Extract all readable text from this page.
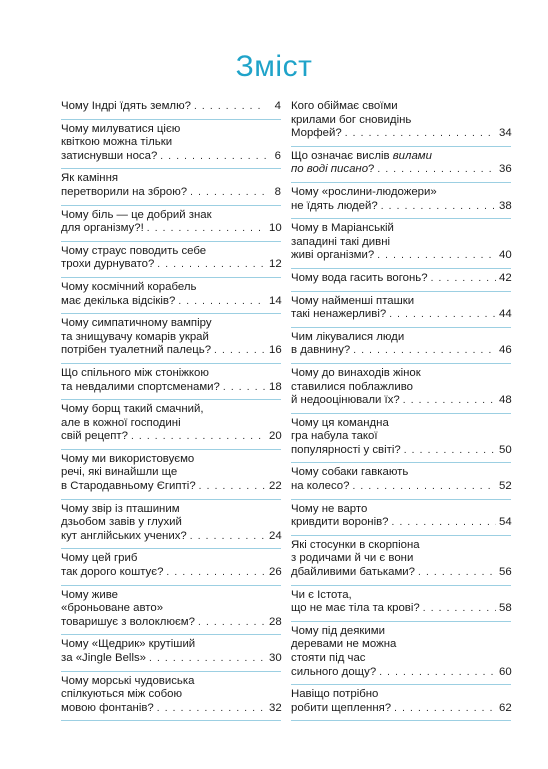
Зміст
Чому Індрі їдять землю? . . .	4
Чому милуватися цією
квіткою можна тільки
затиснувши носа? . . .	6
Як каміння
перетворили на зброю? . . .	8
Чому біль — це добрий знак
для організму?! . . .	10
Чому страус поводить себе
трохи дурнувато? . . .	12
Чому космічний корабель
має декілька відсіків? . . .	14
Чому симпатичному вампіру
та знищувачу комарів украй
потрібен туалетний палець? . . .	16
Що спільного між стоніжкою
та невдалими спортсменами? . . .	18
Чому борщ такий смачний,
але в кожної господині
свій рецепт? . . .	20
Чому ми використовуємо
речі, які винайшли ще
в Стародавньому Єгипті? . . .	22
Чому звір із пташиним
дзьобом завів у глухий
кут англійських учених? . . .	24
Чому цей гриб
так дорого коштує? . . .	26
Чому живе
«броньоване авто»
товаришує з волоклюєм? . . .	28
Чому «Щедрик» крутіший
за «Jingle Bells» . . .	30
Чому морські чудовиська
спілкуються між собою
мовою фонтанів? . . .	32
Кого обіймає своїми
крилами бог сновидінь
Морфей? . . .	34
Що означає вислів вилами
по воді писано? . . .	36
Чому «рослини-людожери»
не їдять людей? . . .	38
Чому в Маріанській
западині такі дивні
живі організми? . . .	40
Чому вода гасить вогонь? . . .	42
Чому найменші пташки
такі ненажерливі? . . .	44
Чим лікувалися люди
в давнину? . . .	46
Чому до винаходів жінок
ставилися поблажливо
й недооцінювали їх? . . .	48
Чому ця командна
гра набула такої
популярності у світі? . . .	50
Чому собаки гавкають
на колесо? . . .	52
Чому не варто
кривдити воронів? . . .	54
Які стосунки в скорпіона
з родичами й чи є вони
дбайливими батьками? . . .	56
Чи є Істота,
що не має тіла та крові? . . .	58
Чому під деякими
деревами не можна
стояти під час
сильного дощу? . . .	60
Навіщо потрібно
робити щеплення? . . .	62
